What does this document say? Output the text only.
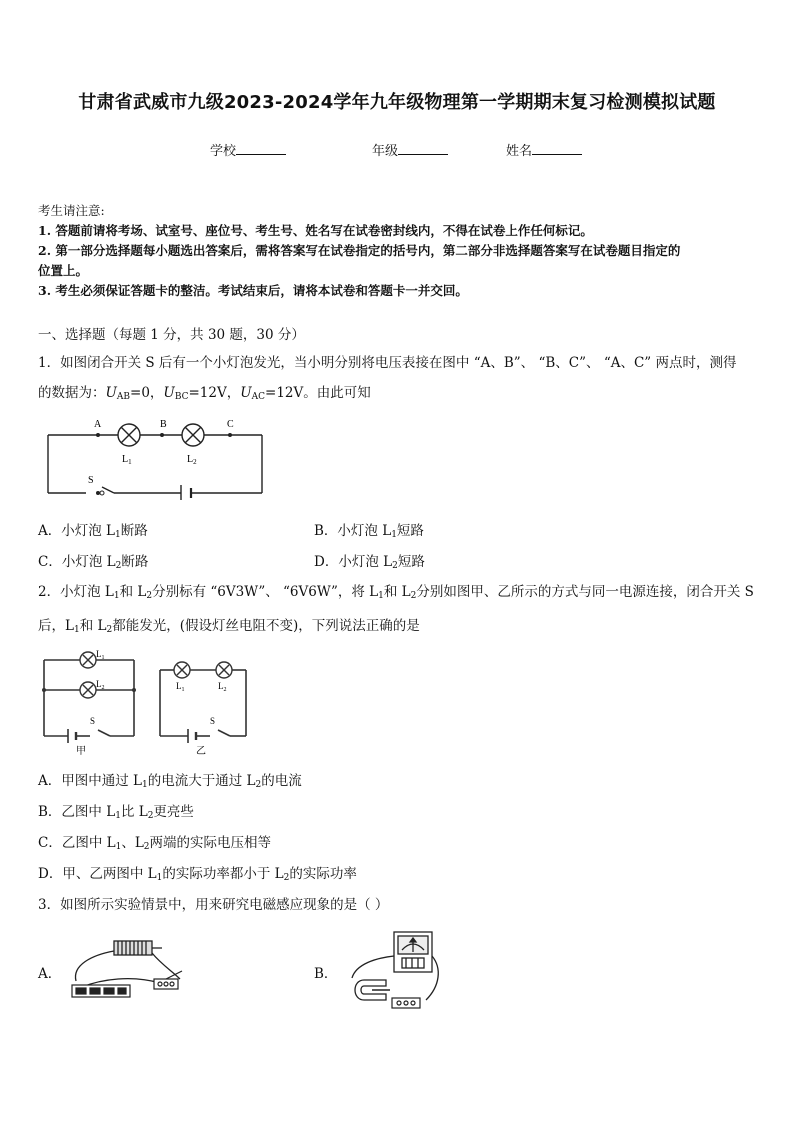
甘肃省武威市九级2023-2024学年九年级物理第一学期期末复习检测模拟试题
学校	年级	姓名
考生请注意:
1. 答题前请将考场、试室号、座位号、考生号、姓名写在试卷密封线内，不得在试卷上作任何标记。
2. 第一部分选择题每小题选出答案后，需将答案写在试卷指定的括号内，第二部分非选择题答案写在试卷题目指定的
位置上。
3. 考生必须保证答题卡的整洁。考试结束后，请将本试卷和答题卡一并交回。
一、选择题（每题 1 分，共 30 题，30 分）
1．如图闭合开关 S 后有一个小灯泡发光，当小明分别将电压表接在图中 “A、B”、 “B、C”、 “A、C” 两点时，测得
的数据为：$U_{AB}=0$，$U_{BC}=12V$，$U_{AC}=12V$。由此可知
A	B	C
$L_1$	$L_2$
S
A．小灯泡 $L_1$断路	B．小灯泡 $L_1$短路
C．小灯泡 $L_2$断路	D．小灯泡 $L_2$短路
2．小灯泡 $L_1$和 $L_2$分别标有 “6V3W”、 “6V6W”，将 $L_1$和 $L_2$分别如图甲、乙所示的方式与同一电源连接，闭合开关 S
后，$L_1$和 $L_2$都能发光，(假设灯丝电阻不变)，下列说法正确的是
$L_1$
$L_2$
S
甲
$L_1$	$L_2$
S
乙
A．甲图中通过 $L_1$的电流大于通过 $L_2$的电流
B．乙图中 $L_1$比 $L_2$更亮些
C．乙图中 $L_1$、$L_2$两端的实际电压相等
D．甲、乙两图中 $L_1$的实际功率都小于 $L_2$的实际功率
3．如图所示实验情景中，用来研究电磁感应现象的是（ ）
A．	B．
